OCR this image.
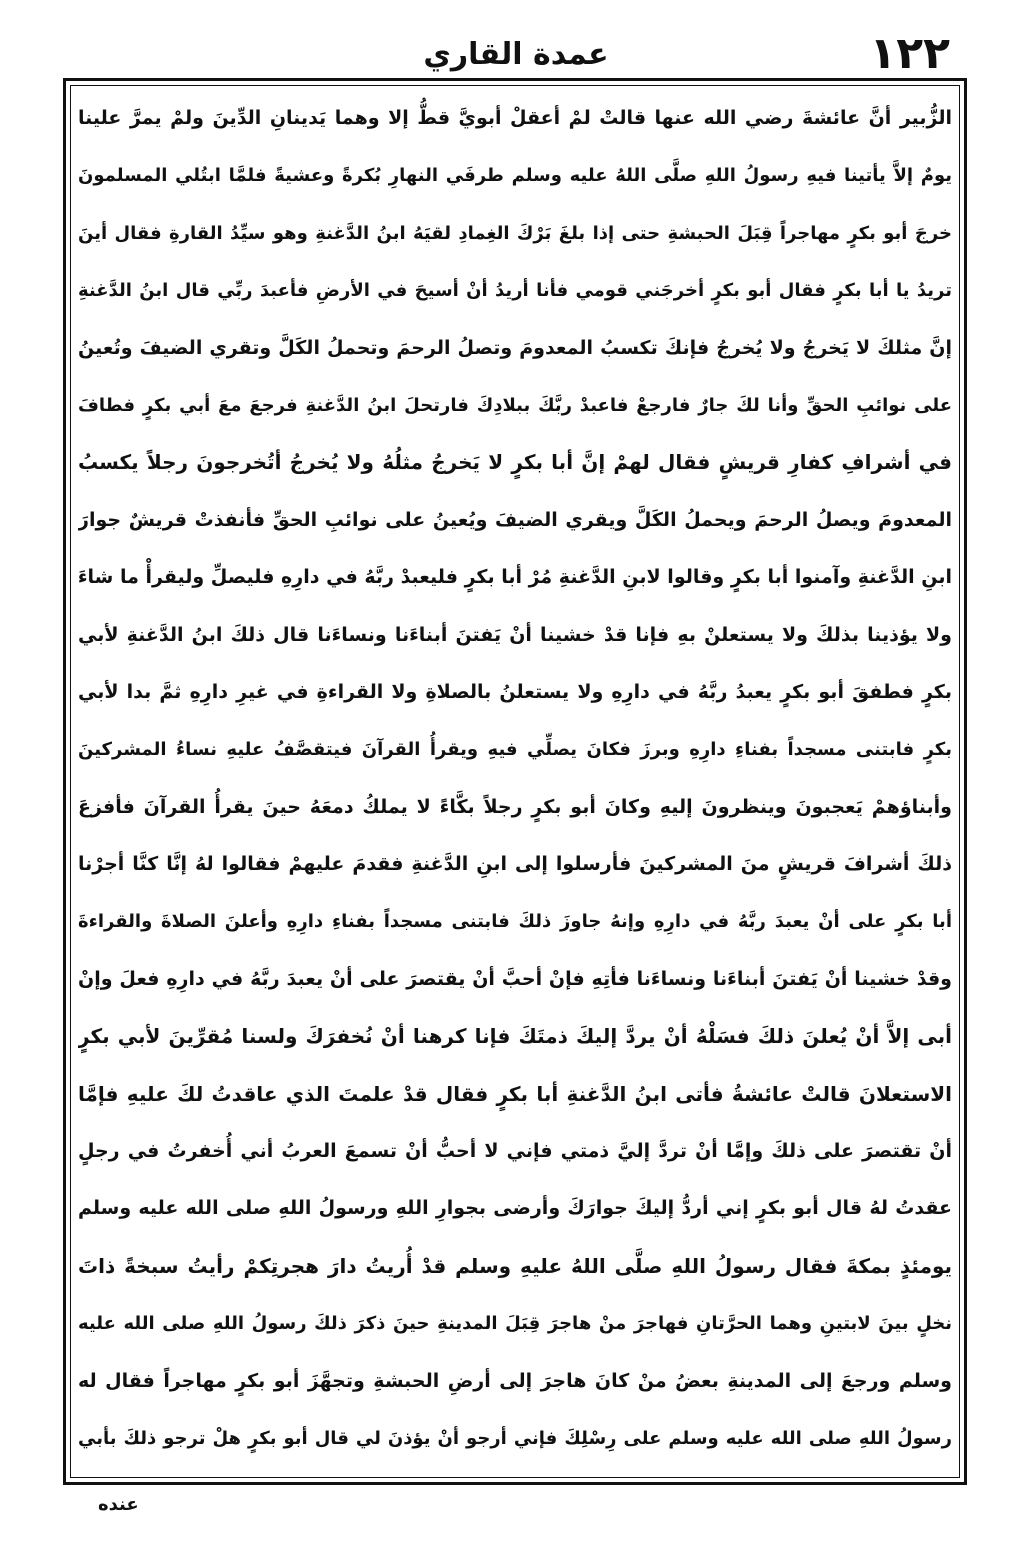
عمدة القاري	١٢٢
الزُّبير أنَّ عائشةَ رضي الله عنها قالتْ لمْ أعقلْ أبويَّ قطُّ إلا وهما يَدينانِ الدِّينَ ولمْ يمرَّ علينا
يومٌ إلاَّ يأتينا فيهِ رسولُ اللهِ صلَّى اللهُ عليه وسلم طرفَي النهارِ بُكرةً وعشيةً فلمَّا ابتُلي المسلمونَ
خرجَ أبو بكرٍ مهاجراً قِبَلَ الحبشةِ حتى إذا بلغَ بَرْكَ الغِمادِ لقيَهُ ابنُ الدَّغنةِ وهو سيِّدُ القارةِ فقال أينَ
تريدُ يا أبا بكرٍ فقال أبو بكرٍ أخرجَني قومي فأنا أريدُ أنْ أسيحَ في الأرضِ فأعبدَ ربِّي قال ابنُ الدَّغنةِ
إنَّ مثلكَ لا يَخرجُ ولا يُخرجُ فإنكَ تكسبُ المعدومَ وتصلُ الرحمَ وتحملُ الكَلَّ وتقري الضيفَ وتُعينُ
على نوائبِ الحقِّ وأنا لكَ جارٌ فارجعْ فاعبدْ ربَّكَ ببلادِكَ فارتحلَ ابنُ الدَّغنةِ فرجعَ معَ أبي بكرٍ فطافَ
في أشرافِ كفارِ قريشٍ فقال لهمْ إنَّ أبا بكرٍ لا يَخرجُ مثلُهُ ولا يُخرجُ أتُخرجونَ رجلاً يكسبُ
المعدومَ ويصلُ الرحمَ ويحملُ الكَلَّ ويقري الضيفَ ويُعينُ على نوائبِ الحقِّ فأنفذتْ قريشٌ جوارَ
ابنِ الدَّغنةِ وآمنوا أبا بكرٍ وقالوا لابنِ الدَّغنةِ مُرْ أبا بكرٍ فليعبدْ ربَّهُ في دارِهِ فليصلِّ وليقرأْ ما شاءَ
ولا يؤذينا بذلكَ ولا يستعلنْ بهِ فإنا قدْ خشينا أنْ يَفتنَ أبناءَنا ونساءَنا قال ذلكَ ابنُ الدَّغنةِ لأبي
بكرٍ فطفقَ أبو بكرٍ يعبدُ ربَّهُ في دارِهِ ولا يستعلنُ بالصلاةِ ولا القراءةِ في غيرِ دارِهِ ثمَّ بدا لأبي
بكرٍ فابتنى مسجداً بفناءِ دارِهِ وبرزَ فكانَ يصلِّي فيهِ ويقرأُ القرآنَ فيتقصَّفُ عليهِ نساءُ المشركينَ
وأبناؤهمْ يَعجبونَ وينظرونَ إليهِ وكانَ أبو بكرٍ رجلاً بكَّاءً لا يملكُ دمعَهُ حينَ يقرأُ القرآنَ فأفزعَ
ذلكَ أشرافَ قريشٍ منَ المشركينَ فأرسلوا إلى ابنِ الدَّغنةِ فقدمَ عليهمْ فقالوا لهُ إنَّا كنَّا أجرْنا
أبا بكرٍ على أنْ يعبدَ ربَّهُ في دارِهِ وإنهُ جاوزَ ذلكَ فابتنى مسجداً بفناءِ دارِهِ وأعلنَ الصلاةَ والقراءةَ
وقدْ خشينا أنْ يَفتنَ أبناءَنا ونساءَنا فأتِهِ فإنْ أحبَّ أنْ يقتصرَ على أنْ يعبدَ ربَّهُ في دارِهِ فعلَ وإنْ
أبى إلاَّ أنْ يُعلنَ ذلكَ فسَلْهُ أنْ يردَّ إليكَ ذمتَكَ فإنا كرهنا أنْ نُخفرَكَ ولسنا مُقرِّينَ لأبي بكرٍ
الاستعلانَ قالتْ عائشةُ فأتى ابنُ الدَّغنةِ أبا بكرٍ فقال قدْ علمتَ الذي عاقدتُ لكَ عليهِ فإمَّا
أنْ تقتصرَ على ذلكَ وإمَّا أنْ تردَّ إليَّ ذمتي فإني لا أحبُّ أنْ تسمعَ العربُ أني أُخفرتُ في رجلٍ
عقدتُ لهُ قال أبو بكرٍ إني أردُّ إليكَ جوارَكَ وأرضى بجوارِ اللهِ ورسولُ اللهِ صلى الله عليه وسلم
يومئذٍ بمكةَ فقال رسولُ اللهِ صلَّى اللهُ عليهِ وسلم قدْ أُريتُ دارَ هجرتِكمْ رأيتُ سبخةً ذاتَ
نخلٍ بينَ لابتينِ وهما الحرَّتانِ فهاجرَ منْ هاجرَ قِبَلَ المدينةِ حينَ ذكرَ ذلكَ رسولُ اللهِ صلى الله عليه
وسلم ورجعَ إلى المدينةِ بعضُ منْ كانَ هاجرَ إلى أرضِ الحبشةِ وتجهَّزَ أبو بكرٍ مهاجراً فقال له
رسولُ اللهِ صلى الله عليه وسلم على رِسْلِكَ فإني أرجو أنْ يؤذنَ لي قال أبو بكرٍ هلْ ترجو ذلكَ بأبي
عنده
